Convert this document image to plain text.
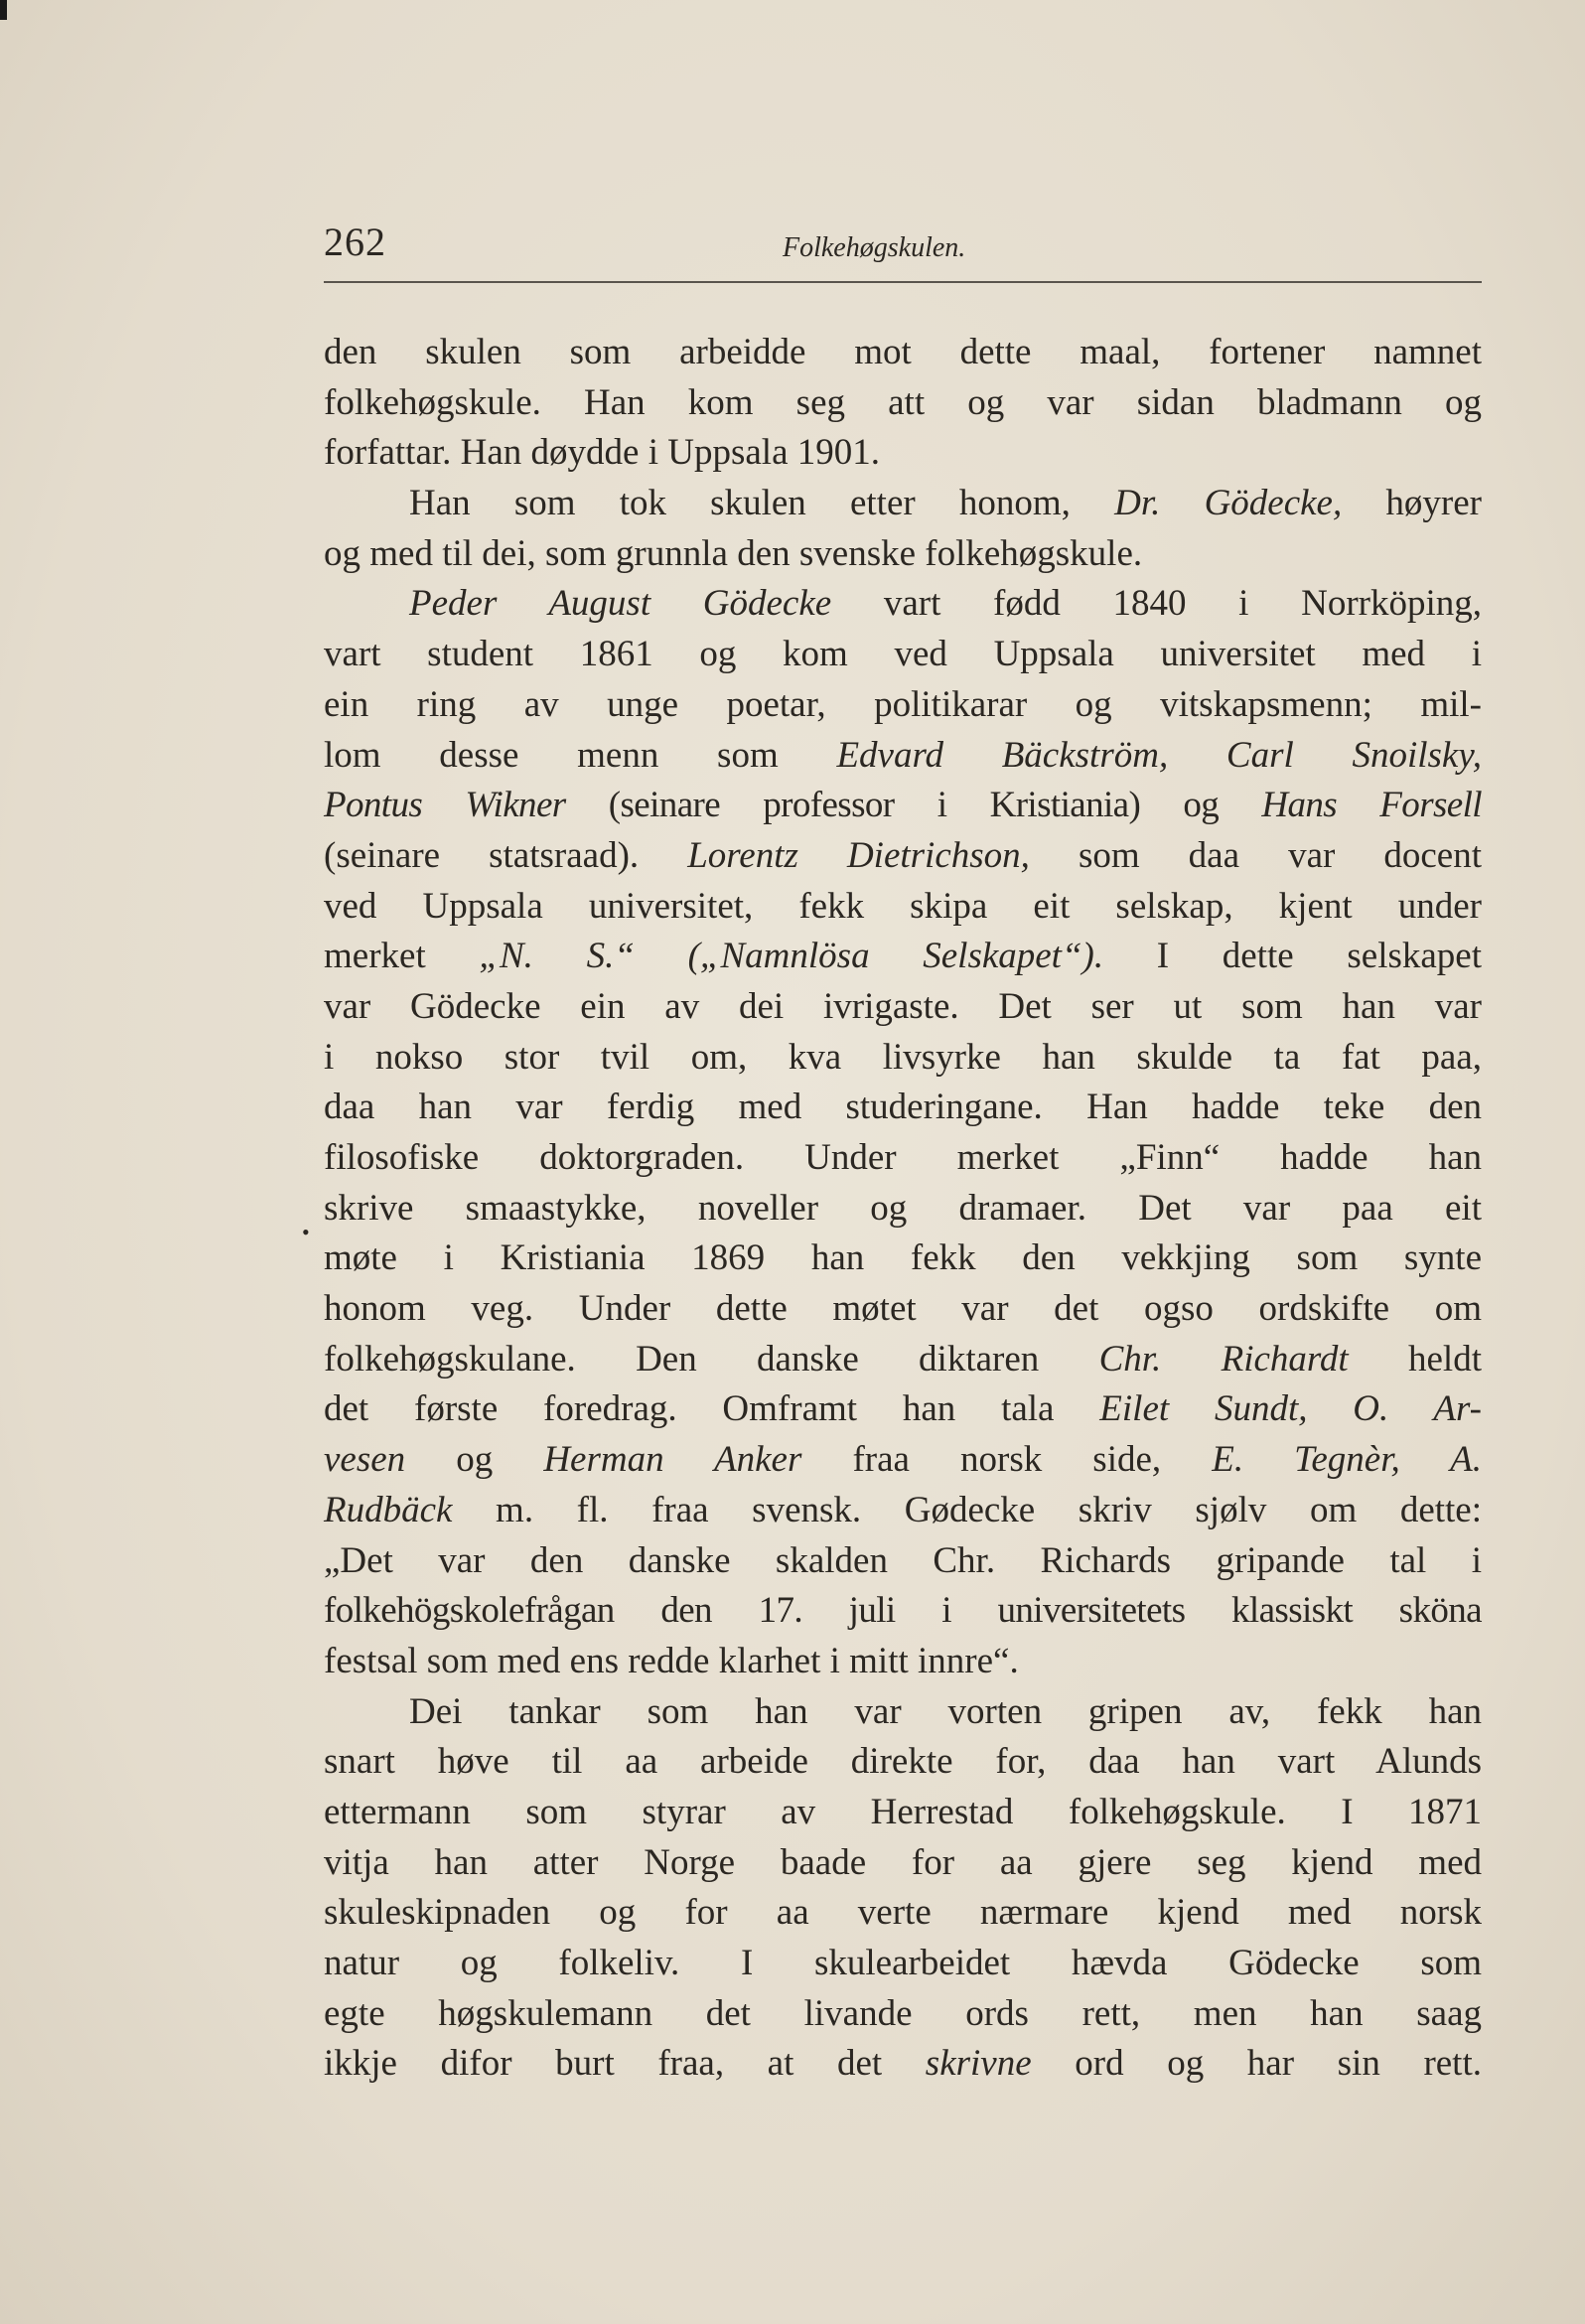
262	Folkehøgskulen.
•
den skulen som arbeidde mot dette maal, fortener namnet
folkehøgskule. Han kom seg att og var sidan bladmann og
forfattar. Han døydde i Uppsala 1901.
Han som tok skulen etter honom, Dr. Gödecke, høyrer
og med til dei, som grunnla den svenske folkehøgskule.
Peder August Gödecke vart fødd 1840 i Norrköping,
vart student 1861 og kom ved Uppsala universitet med i
ein ring av unge poetar, politikarar og vitskapsmenn; mil-
lom desse menn som Edvard Bäckström, Carl Snoilsky,
Pontus Wikner (seinare professor i Kristiania) og Hans Forsell
(seinare statsraad). Lorentz Dietrichson, som daa var docent
ved Uppsala universitet, fekk skipa eit selskap, kjent under
merket „N. S.“ („Namnlösa Selskapet“). I dette selskapet
var Gödecke ein av dei ivrigaste. Det ser ut som han var
i nokso stor tvil om, kva livsyrke han skulde ta fat paa,
daa han var ferdig med studeringane. Han hadde teke den
filosofiske doktorgraden. Under merket „Finn“ hadde han
skrive smaastykke, noveller og dramaer. Det var paa eit
møte i Kristiania 1869 han fekk den vekkjing som synte
honom veg. Under dette møtet var det ogso ordskifte om
folkehøgskulane. Den danske diktaren Chr. Richardt heldt
det første foredrag. Omframt han tala Eilet Sundt, O. Ar-
vesen og Herman Anker fraa norsk side, E. Tegnèr, A.
Rudbäck m. fl. fraa svensk. Gødecke skriv sjølv om dette:
„Det var den danske skalden Chr. Richards gripande tal i
folkehögskolefrågan den 17. juli i universitetets klassiskt sköna
festsal som med ens redde klarhet i mitt innre“.
Dei tankar som han var vorten gripen av, fekk han
snart høve til aa arbeide direkte for, daa han vart Alunds
ettermann som styrar av Herrestad folkehøgskule. I 1871
vitja han atter Norge baade for aa gjere seg kjend med
skuleskipnaden og for aa verte nærmare kjend med norsk
natur og folkeliv. I skulearbeidet hævda Gödecke som
egte høgskulemann det livande ords rett, men han saag
ikkje difor burt fraa, at det skrivne ord og har sin rett.
